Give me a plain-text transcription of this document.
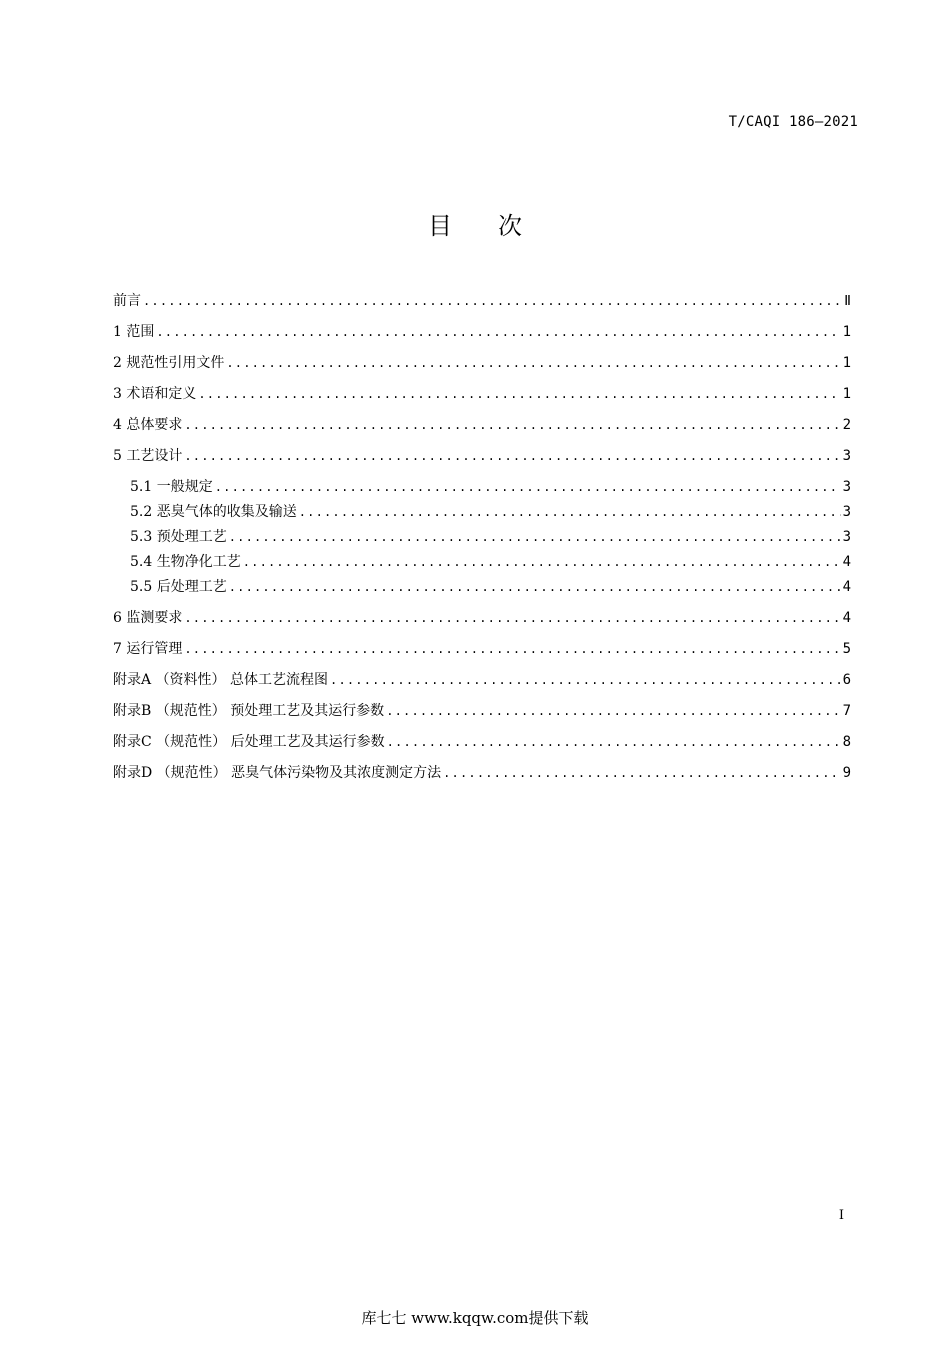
T/CAQI 186—2021
目次
前言 .....	Ⅱ
1 范围 .....	1
2 规范性引用文件 .....	1
3 术语和定义 .....	1
4 总体要求 .....	2
5 工艺设计 .....	3
5.1 一般规定 .....	3
5.2 恶臭气体的收集及输送 .....	3
5.3 预处理工艺 .....	3
5.4 生物净化工艺 .....	4
5.5 后处理工艺 .....	4
6 监测要求 .....	4
7 运行管理 .....	5
附录A （资料性） 总体工艺流程图 .....	6
附录B （规范性） 预处理工艺及其运行参数 .....	7
附录C （规范性） 后处理工艺及其运行参数 .....	8
附录D （规范性） 恶臭气体污染物及其浓度测定方法 .....	9
I
库七七 www.kqqw.com提供下载
